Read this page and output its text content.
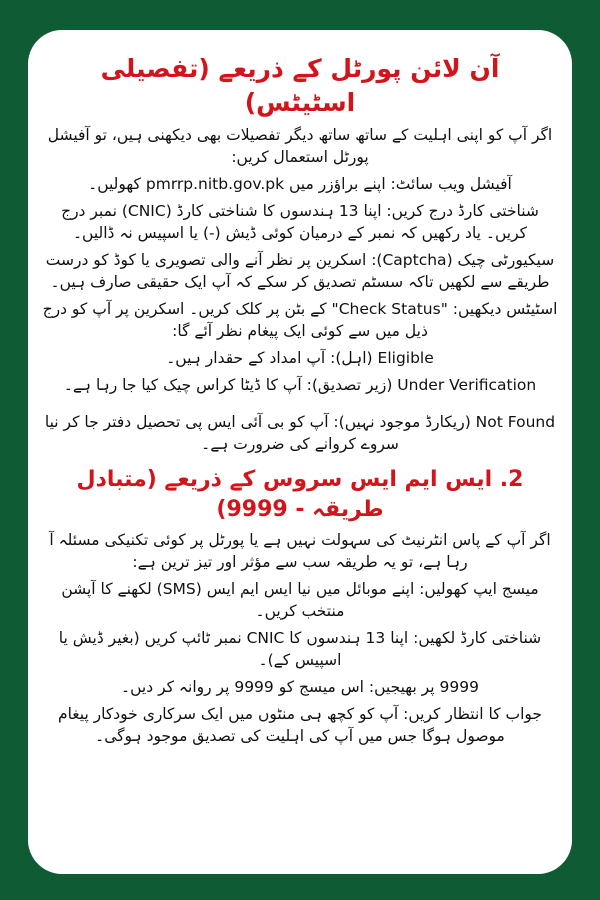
آن لائن پورٹل کے ذریعے (تفصیلی اسٹیٹس)

اگر آپ کو اپنی اہلیت کے ساتھ ساتھ دیگر تفصیلات بھی دیکھنی ہیں، تو آفیشل پورٹل استعمال کریں:

آفیشل ویب سائٹ: اپنے براؤزر میں pmrrp.nitb.gov.pk کھولیں۔

شناختی کارڈ درج کریں: اپنا 13 ہندسوں کا شناختی کارڈ (CNIC) نمبر درج کریں۔ یاد رکھیں کہ نمبر کے درمیان کوئی ڈیش (-) یا اسپیس نہ ڈالیں۔

سیکیورٹی چیک (Captcha): اسکرین پر نظر آنے والی تصویری یا کوڈ کو درست طریقے سے لکھیں تاکہ سسٹم تصدیق کر سکے کہ آپ ایک حقیقی صارف ہیں۔

اسٹیٹس دیکھیں: "Check Status" کے بٹن پر کلک کریں۔ اسکرین پر آپ کو درج ذیل میں سے کوئی ایک پیغام نظر آئے گا:

Eligible (اہل): آپ امداد کے حقدار ہیں۔

Under Verification (زیر تصدیق): آپ کا ڈیٹا کراس چیک کیا جا رہا ہے۔

Not Found (ریکارڈ موجود نہیں): آپ کو بی آئی ایس پی تحصیل دفتر جا کر نیا سروے کروانے کی ضرورت ہے۔

2. ایس ایم ایس سروس کے ذریعے (متبادل طریقہ - 9999)

اگر آپ کے پاس انٹرنیٹ کی سہولت نہیں ہے یا پورٹل پر کوئی تکنیکی مسئلہ آ رہا ہے، تو یہ طریقہ سب سے مؤثر اور تیز ترین ہے:

میسج ایپ کھولیں: اپنے موبائل میں نیا ایس ایم ایس (SMS) لکھنے کا آپشن منتخب کریں۔

شناختی کارڈ لکھیں: اپنا 13 ہندسوں کا CNIC نمبر ٹائپ کریں (بغیر ڈیش یا اسپیس کے)۔

9999 پر بھیجیں: اس میسج کو 9999 پر روانہ کر دیں۔

جواب کا انتظار کریں: آپ کو کچھ ہی منٹوں میں ایک سرکاری خودکار پیغام موصول ہوگا جس میں آپ کی اہلیت کی تصدیق موجود ہوگی۔
